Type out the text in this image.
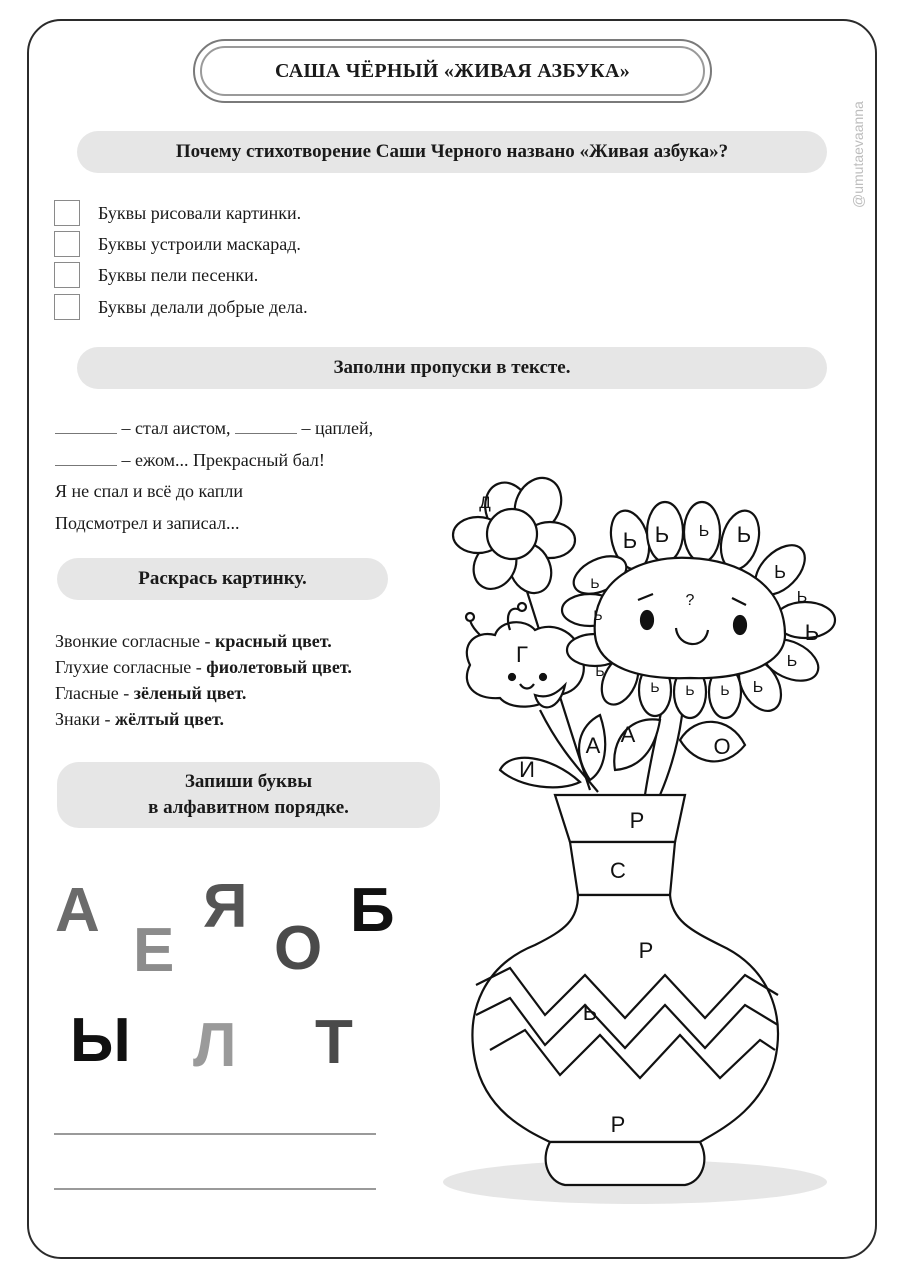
САША ЧЁРНЫЙ «ЖИВАЯ АЗБУКА»
@umutaevaanna
Почему стихотворение Саши Черного названо «Живая азбука»?
Буквы рисовали картинки.
Буквы устроили маскарад.
Буквы пели песенки.
Буквы делали добрые дела.
Заполни пропуски в тексте.
– стал аистом,	– цаплей,
– ежом... Прекрасный бал!
Я не спал и всё до капли
Подсмотрел и записал...
Раскрась картинку.
Звонкие согласные - красный цвет.
Глухие согласные - фиолетовый цвет.
Гласные - зёленый цвет.
Знаки - жёлтый цвет.
Запиши буквы
в алфавитном порядке.
А
Е
Я
О
Б
Ы Л Т
Д
Г
?
Ь Ь Ь Ь
Ь
Ь
Ь
Ь
Ь
Ь
Ь
Ь
Ь
Ь
Ь
И
А А	О
Р
С
Р
Ь
Р
